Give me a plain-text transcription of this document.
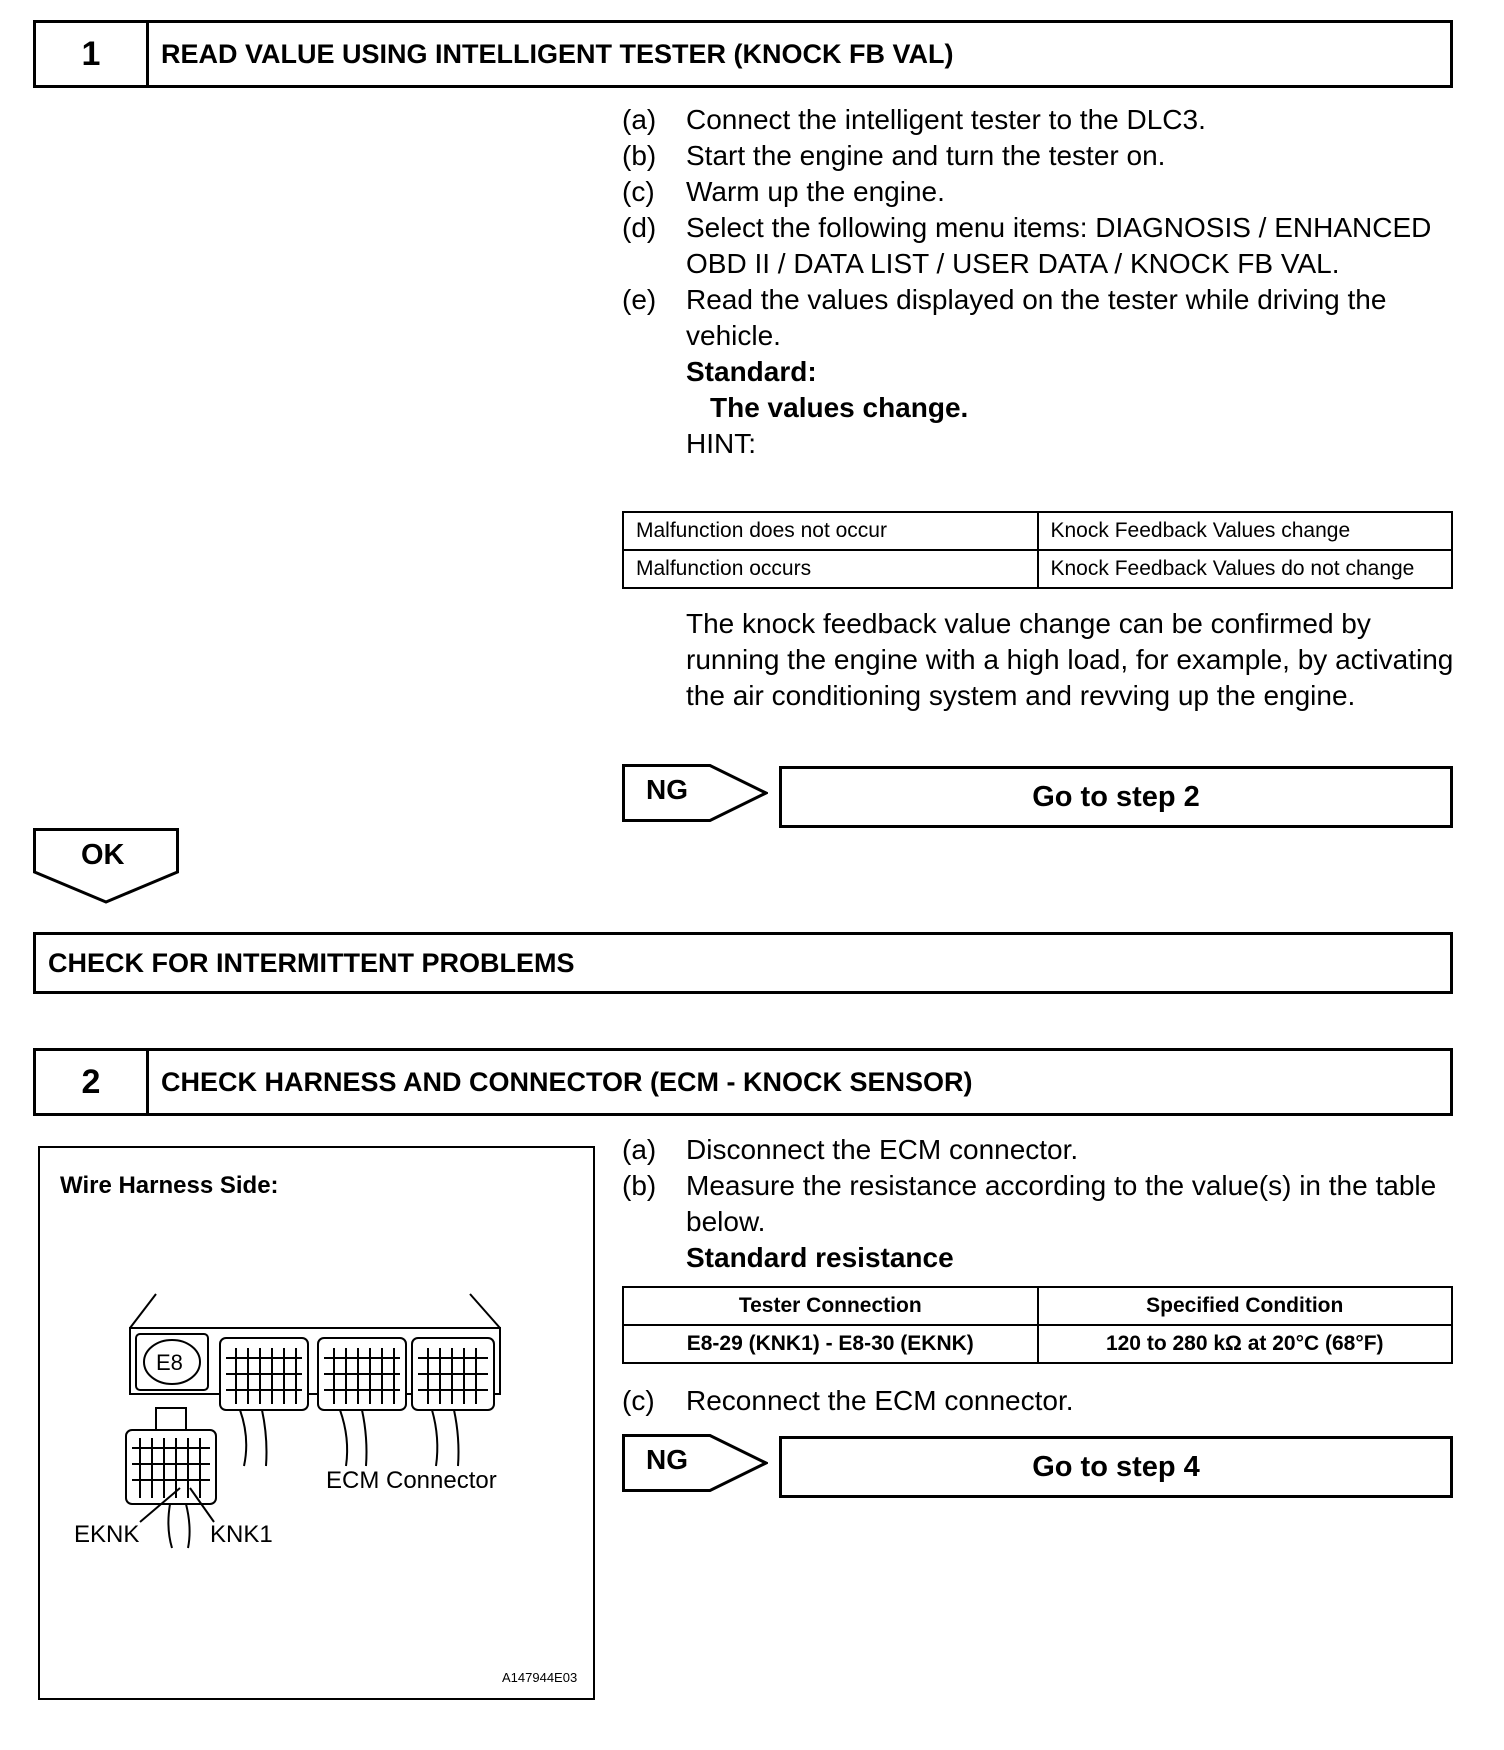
1	READ VALUE USING INTELLIGENT TESTER (KNOCK FB VAL)
(a)	Connect the intelligent tester to the DLC3.
(b)	Start the engine and turn the tester on.
(c)	Warm up the engine.
(d)	Select the following menu items: DIAGNOSIS / ENHANCED OBD II / DATA LIST / USER DATA / KNOCK FB VAL.
(e)	Read the values displayed on the tester while driving the vehicle.
Standard:
The values change.
HINT:
Malfunction does not occur	Knock Feedback Values change
Malfunction occurs	Knock Feedback Values do not change
The knock feedback value change can be confirmed by running the engine with a high load, for example, by activating the air conditioning system and revving up the engine.
NG	Go to step 2
OK
CHECK FOR INTERMITTENT PROBLEMS
2	CHECK HARNESS AND CONNECTOR (ECM - KNOCK SENSOR)
Wire Harness Side:
E8
ECM Connector
EKNK	KNK1
A147944E03
(a)	Disconnect the ECM connector.
(b)	Measure the resistance according to the value(s) in the table below.
Standard resistance
Tester Connection	Specified Condition
E8-29 (KNK1) - E8-30 (EKNK)	120 to 280 kΩ at 20°C (68°F)
(c)	Reconnect the ECM connector.
NG	Go to step 4
